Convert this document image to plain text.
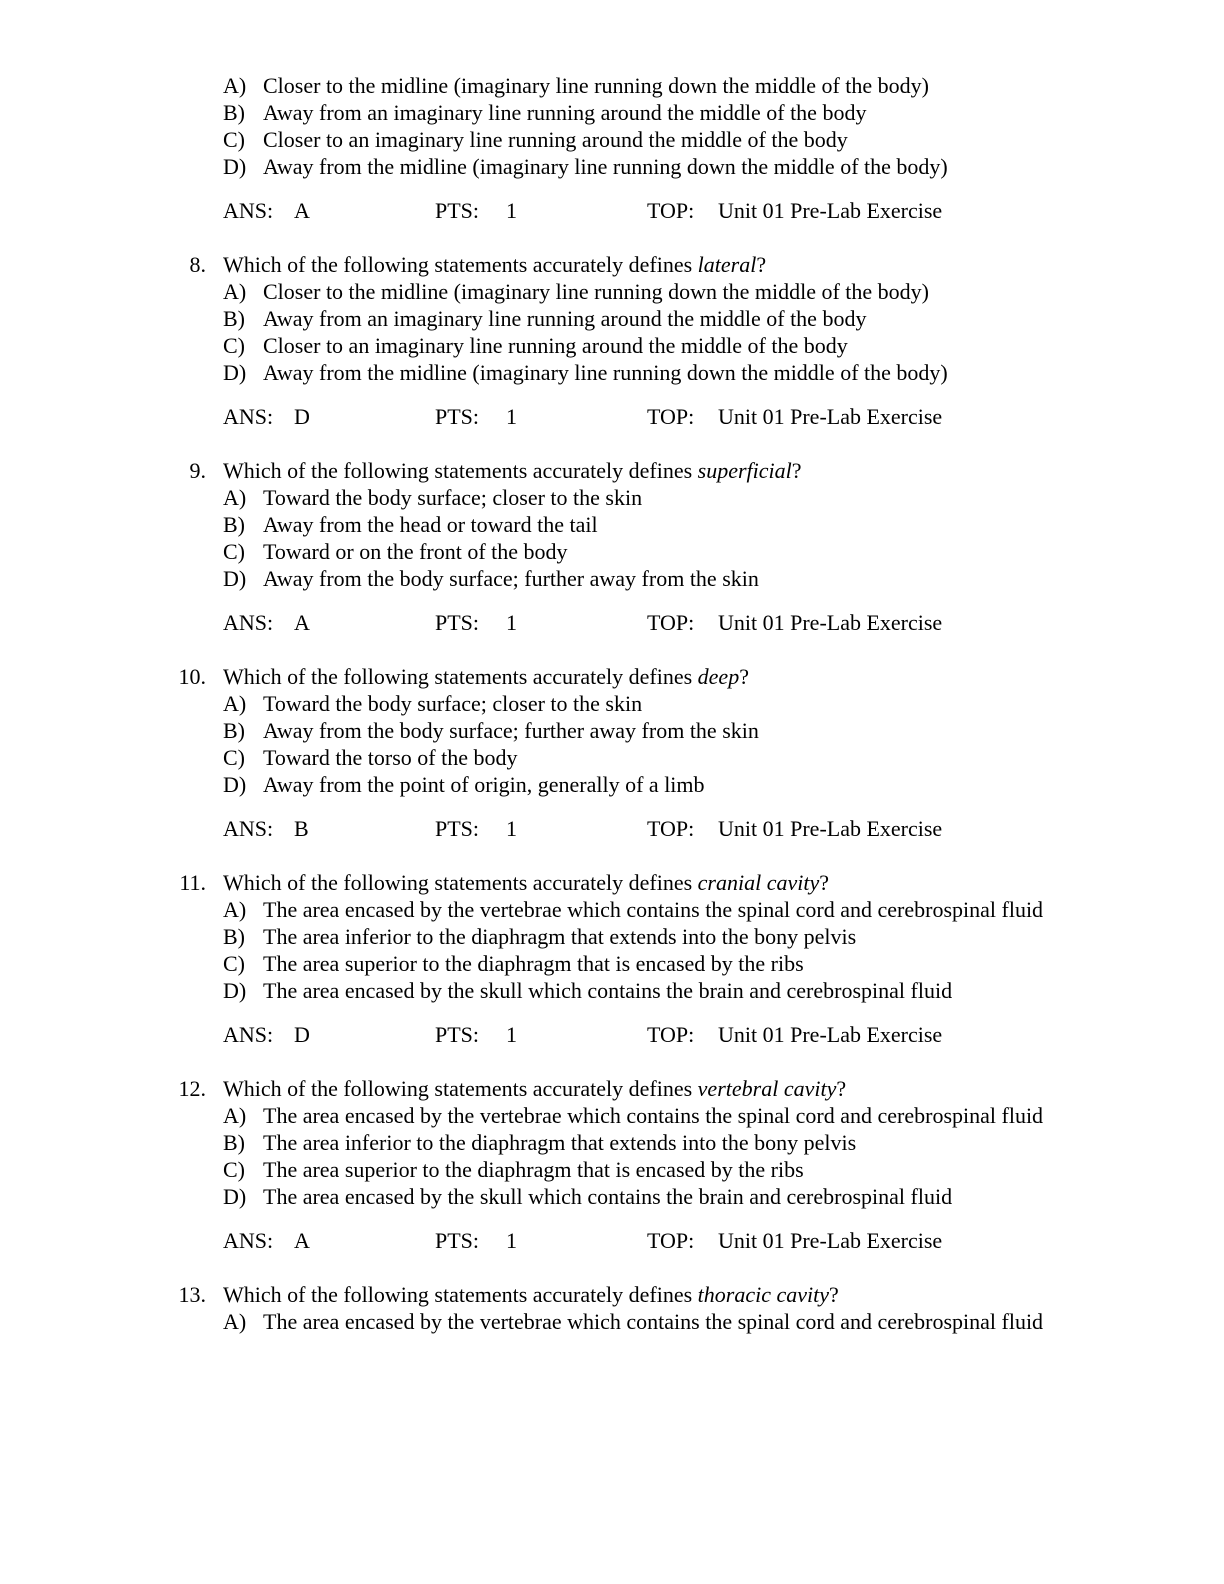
A) Closer to the midline (imaginary line running down the middle of the body)
B) Away from an imaginary line running around the middle of the body
C) Closer to an imaginary line running around the middle of the body
D) Away from the midline (imaginary line running down the middle of the body)
ANS: A	PTS: 1	TOP: Unit 01 Pre-Lab Exercise
8. Which of the following statements accurately defines lateral?
A) Closer to the midline (imaginary line running down the middle of the body)
B) Away from an imaginary line running around the middle of the body
C) Closer to an imaginary line running around the middle of the body
D) Away from the midline (imaginary line running down the middle of the body)
ANS: D	PTS: 1	TOP: Unit 01 Pre-Lab Exercise
9. Which of the following statements accurately defines superficial?
A) Toward the body surface; closer to the skin
B) Away from the head or toward the tail
C) Toward or on the front of the body
D) Away from the body surface; further away from the skin
ANS: A	PTS: 1	TOP: Unit 01 Pre-Lab Exercise
10. Which of the following statements accurately defines deep?
A) Toward the body surface; closer to the skin
B) Away from the body surface; further away from the skin
C) Toward the torso of the body
D) Away from the point of origin, generally of a limb
ANS: B	PTS: 1	TOP: Unit 01 Pre-Lab Exercise
11. Which of the following statements accurately defines cranial cavity?
A) The area encased by the vertebrae which contains the spinal cord and cerebrospinal fluid
B) The area inferior to the diaphragm that extends into the bony pelvis
C) The area superior to the diaphragm that is encased by the ribs
D) The area encased by the skull which contains the brain and cerebrospinal fluid
ANS: D	PTS: 1	TOP: Unit 01 Pre-Lab Exercise
12. Which of the following statements accurately defines vertebral cavity?
A) The area encased by the vertebrae which contains the spinal cord and cerebrospinal fluid
B) The area inferior to the diaphragm that extends into the bony pelvis
C) The area superior to the diaphragm that is encased by the ribs
D) The area encased by the skull which contains the brain and cerebrospinal fluid
ANS: A	PTS: 1	TOP: Unit 01 Pre-Lab Exercise
13. Which of the following statements accurately defines thoracic cavity?
A) The area encased by the vertebrae which contains the spinal cord and cerebrospinal fluid
